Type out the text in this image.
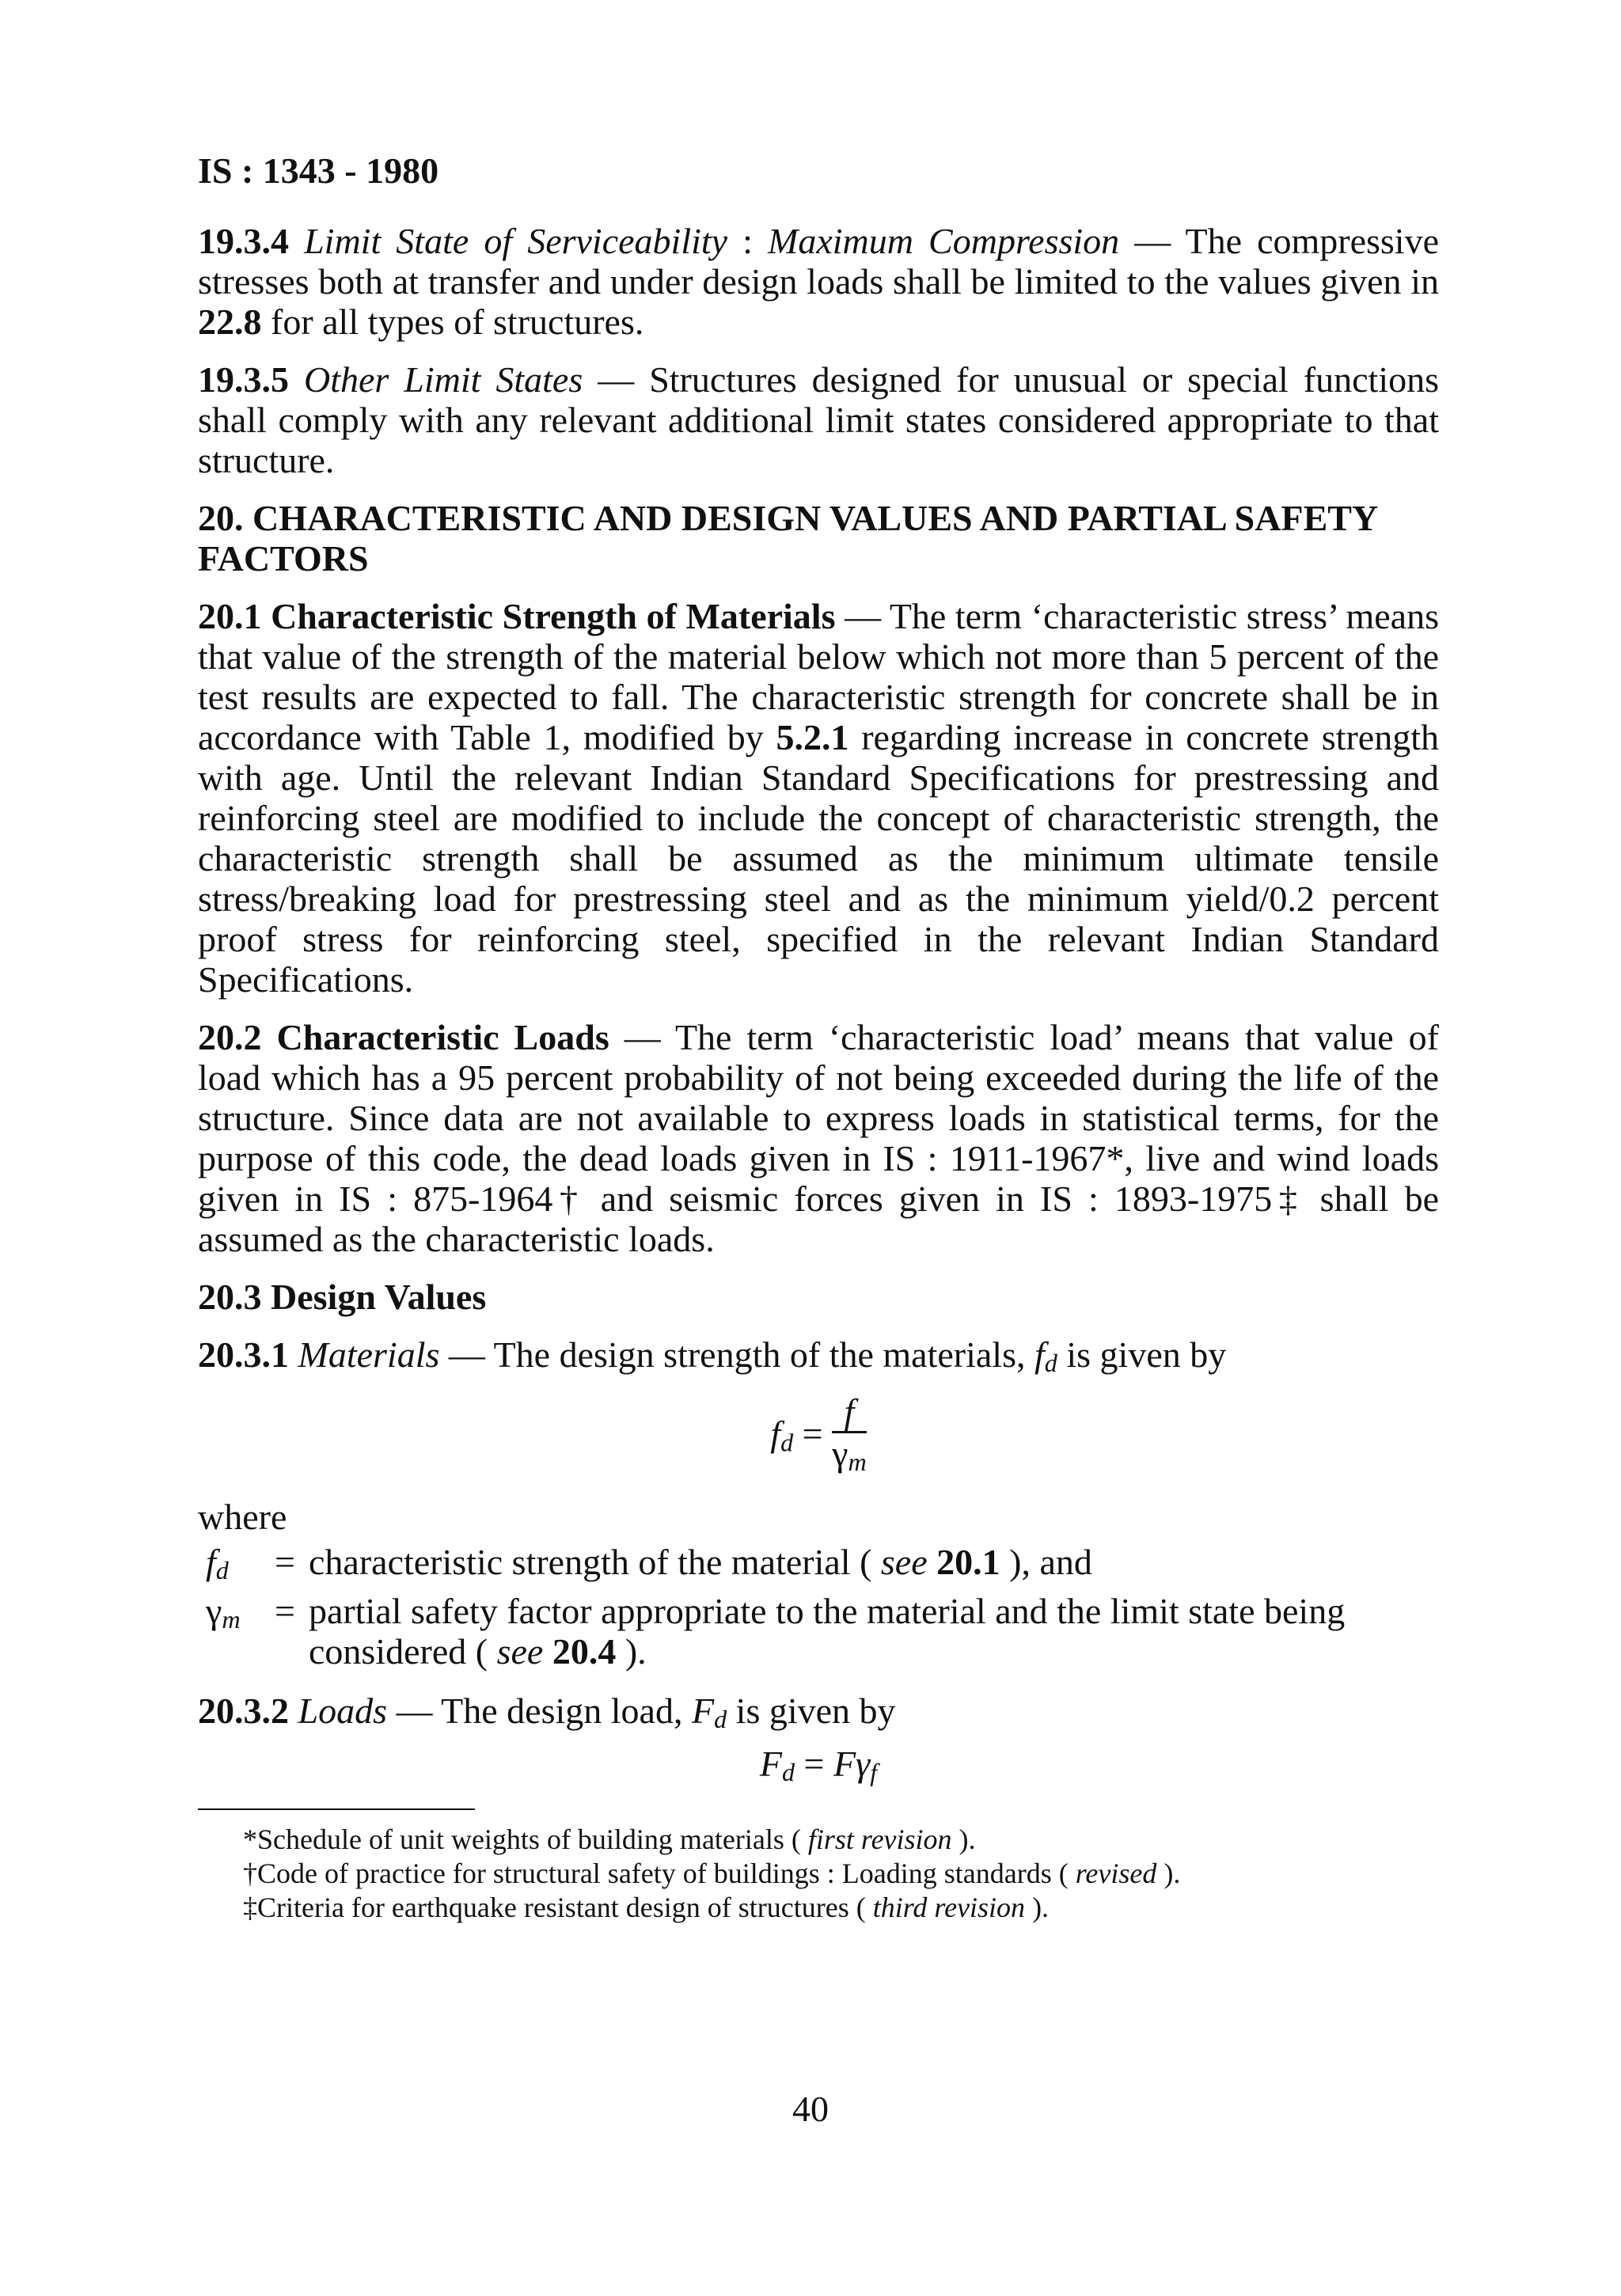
IS : 1343 - 1980

19.3.4 Limit State of Serviceability : Maximum Compression — The compressive stresses both at transfer and under design loads shall be limited to the values given in 22.8 for all types of structures.

19.3.5 Other Limit States — Structures designed for unusual or special functions shall comply with any relevant additional limit states considered appropriate to that structure.

20. CHARACTERISTIC AND DESIGN VALUES AND PARTIAL SAFETY FACTORS

20.1 Characteristic Strength of Materials — The term ‘characteristic stress’ means that value of the strength of the material below which not more than 5 percent of the test results are expected to fall. The characteristic strength for concrete shall be in accordance with Table 1, modified by 5.2.1 regarding increase in concrete strength with age. Until the relevant Indian Standard Specifications for prestressing and reinforcing steel are modified to include the concept of characteristic strength, the characteristic strength shall be assumed as the minimum ultimate tensile stress/breaking load for prestressing steel and as the minimum yield/0.2 percent proof stress for reinforcing steel, specified in the relevant Indian Standard Specifications.

20.2 Characteristic Loads — The term ‘characteristic load’ means that value of load which has a 95 percent probability of not being exceeded during the life of the structure. Since data are not available to express loads in statistical terms, for the purpose of this code, the dead loads given in IS : 1911-1967*, live and wind loads given in IS : 875-1964† and seismic forces given in IS : 1893-1975‡ shall be assumed as the characteristic loads.

20.3 Design Values

20.3.1 Materials — The design strength of the materials, $f_d$ is given by

$f_d = \frac{f}{\gamma_m}$
where
$f_d$	= characteristic strength of the material ( see 20.1 ), and
$\gamma_m$ = partial safety factor appropriate to the material and the limit state being considered ( see 20.4 ).

20.3.2 Loads — The design load, $F_d$ is given by

$F_d = F\gamma_f$
*Schedule of unit weights of building materials ( first revision ).
†Code of practice for structural safety of buildings : Loading standards ( revised ).
‡Criteria for earthquake resistant design of structures ( third revision ).
40
